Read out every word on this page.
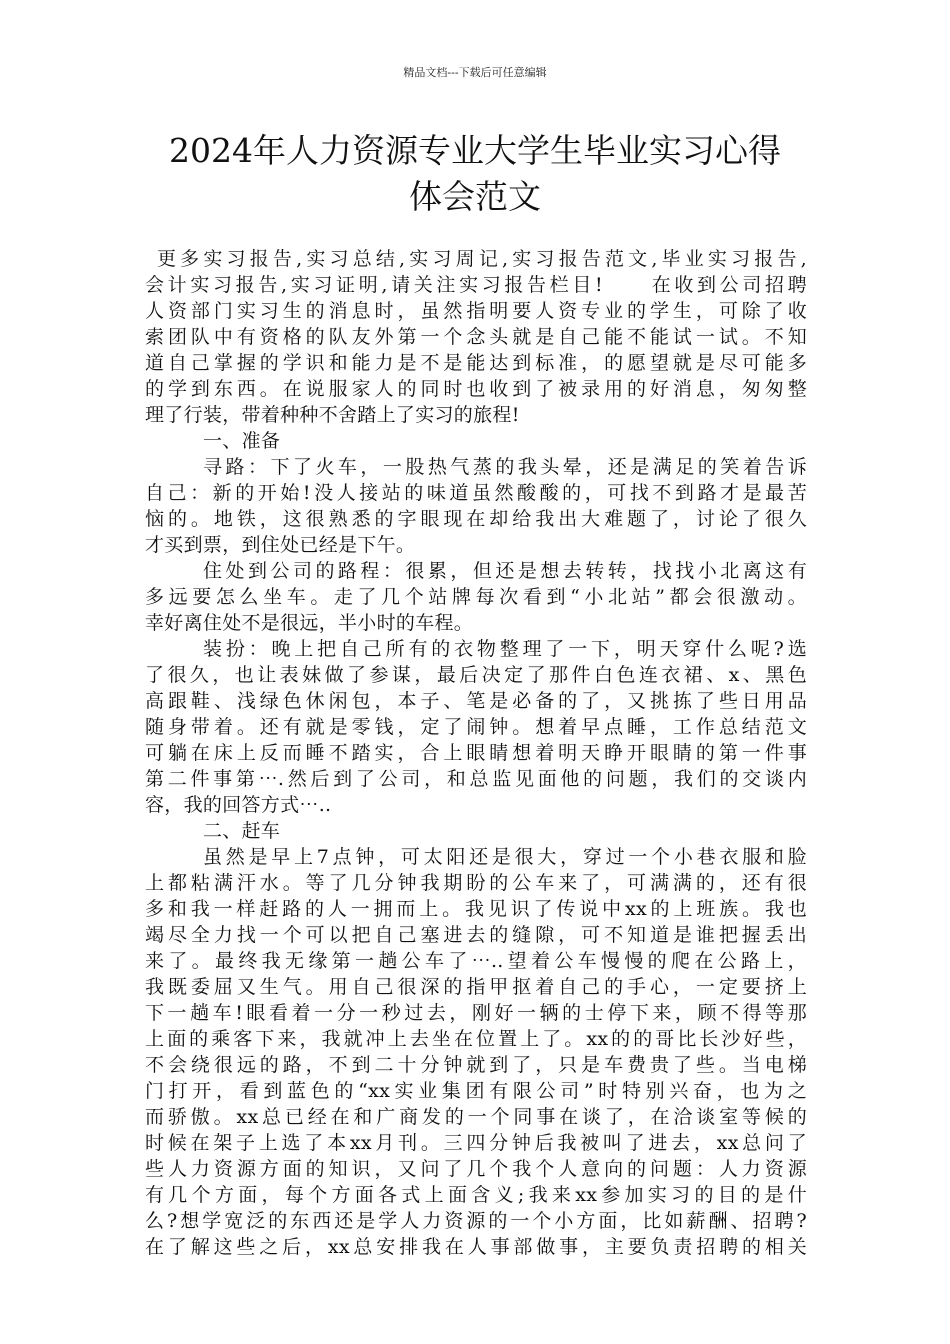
精品文档---下载后可任意编辑
2024年人力资源专业大学生毕业实习心得
体会范文
更多实习报告,实习总结,实习周记,实习报告范文,毕业实习报告,
会计实习报告,实习证明,请关注实习报告栏目!　　在收到公司招聘
人资部门实习生的消息时，虽然指明要人资专业的学生，可除了收
索团队中有资格的队友外第一个念头就是自己能不能试一试。不知
道自己掌握的学识和能力是不是能达到标准，的愿望就是尽可能多
的学到东西。在说服家人的同时也收到了被录用的好消息，匆匆整
理了行装，带着种种不舍踏上了实习的旅程!
一、准备
寻路：下了火车，一股热气蒸的我头晕，还是满足的笑着告诉
自己：新的开始!没人接站的味道虽然酸酸的，可找不到路才是最苦
恼的。地铁，这很熟悉的字眼现在却给我出大难题了，讨论了很久
才买到票，到住处已经是下午。
住处到公司的路程：很累，但还是想去转转，找找小北离这有
多远要怎么坐车。走了几个站牌每次看到“小北站”都会很激动。
幸好离住处不是很远，半小时的车程。
装扮：晚上把自己所有的衣物整理了一下，明天穿什么呢?选
了很久，也让表妹做了参谋，最后决定了那件白色连衣裙、x、黑色
高跟鞋、浅绿色休闲包，本子、笔是必备的了，又挑拣了些日用品
随身带着。还有就是零钱，定了闹钟。想着早点睡，工作总结范文
可躺在床上反而睡不踏实，合上眼睛想着明天睁开眼睛的第一件事
第二件事第⋯.然后到了公司，和总监见面他的问题，我们的交谈内
容，我的回答方式⋯..
二、赶车
虽然是早上7点钟，可太阳还是很大，穿过一个小巷衣服和脸
上都粘满汗水。等了几分钟我期盼的公车来了，可满满的，还有很
多和我一样赶路的人一拥而上。我见识了传说中xx的上班族。我也
竭尽全力找一个可以把自己塞进去的缝隙，可不知道是谁把握丢出
来了。最终我无缘第一趟公车了⋯..望着公车慢慢的爬在公路上，
我既委屈又生气。用自己很深的指甲抠着自己的手心，一定要挤上
下一趟车!眼看着一分一秒过去，刚好一辆的士停下来，顾不得等那
上面的乘客下来，我就冲上去坐在位置上了。xx的的哥比长沙好些，
不会绕很远的路，不到二十分钟就到了，只是车费贵了些。当电梯
门打开，看到蓝色的“xx实业集团有限公司”时特别兴奋，也为之
而骄傲。xx总已经在和广商发的一个同事在谈了，在洽谈室等候的
时候在架子上选了本xx月刊。三四分钟后我被叫了进去，xx总问了
些人力资源方面的知识，又问了几个我个人意向的问题：人力资源
有几个方面，每个方面各式上面含义;我来xx参加实习的目的是什
么?想学宽泛的东西还是学人力资源的一个小方面，比如薪酬、招聘?
在了解这些之后，xx总安排我在人事部做事，主要负责招聘的相关
